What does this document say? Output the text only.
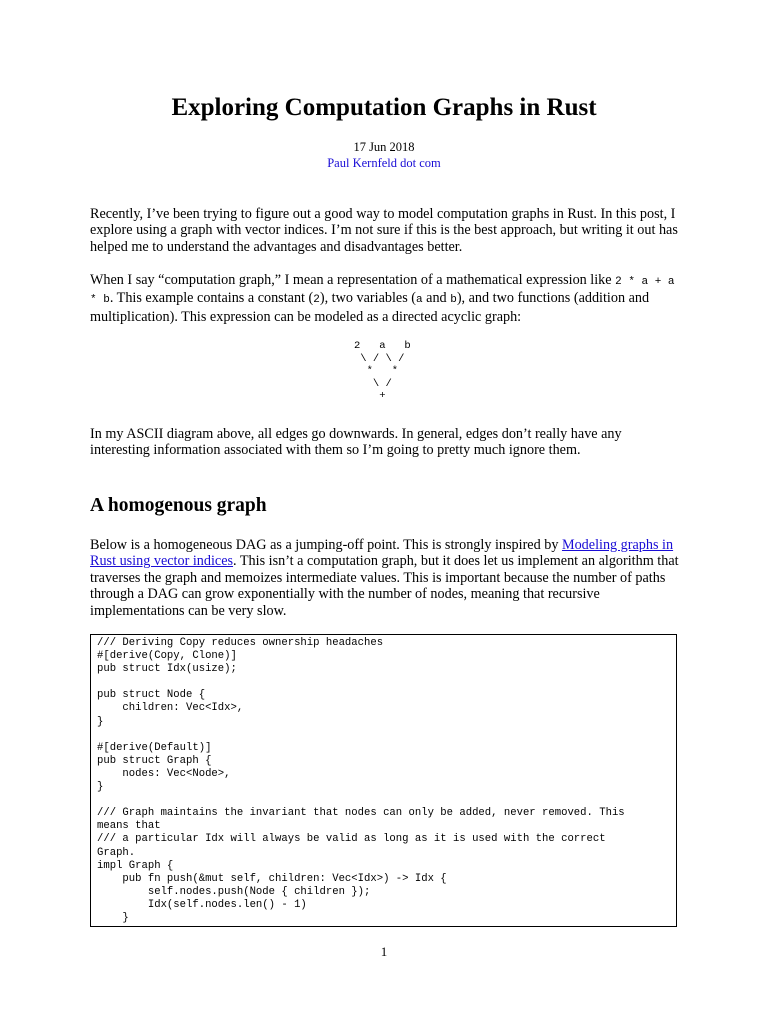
Exploring Computation Graphs in Rust
17 Jun 2018
Paul Kernfeld dot com

Recently, I’ve been trying to figure out a good way to model computation graphs in Rust. In this post, I explore using a graph with vector indices. I’m not sure if this is the best approach, but writing it out has helped me to understand the advantages and disadvantages better.

When I say “computation graph,” I mean a representation of a mathematical expression like 2 * a + a * b. This example contains a constant (2), two variables (a and b), and two functions (addition and multiplication). This expression can be modeled as a directed acyclic graph:

2   a   b
\ / \ /
*   *
\ /
+

In my ASCII diagram above, all edges go downwards. In general, edges don’t really have any interesting information associated with them so I’m going to pretty much ignore them.

A homogenous graph

Below is a homogeneous DAG as a jumping-off point. This is strongly inspired by Modeling graphs in Rust using vector indices. This isn’t a computation graph, but it does let us implement an algorithm that traverses the graph and memoizes intermediate values. This is important because the number of paths through a DAG can grow exponentially with the number of nodes, meaning that recursive implementations can be very slow.

/// Deriving Copy reduces ownership headaches
#[derive(Copy, Clone)]
pub struct Idx(usize);

pub struct Node {
children: Vec<Idx>,
}

#[derive(Default)]
pub struct Graph {
nodes: Vec<Node>,
}

/// Graph maintains the invariant that nodes can only be added, never removed. This
means that
/// a particular Idx will always be valid as long as it is used with the correct
Graph.
impl Graph {
pub fn push(&mut self, children: Vec<Idx>) -> Idx {
self.nodes.push(Node { children });
Idx(self.nodes.len() - 1)
}
1
